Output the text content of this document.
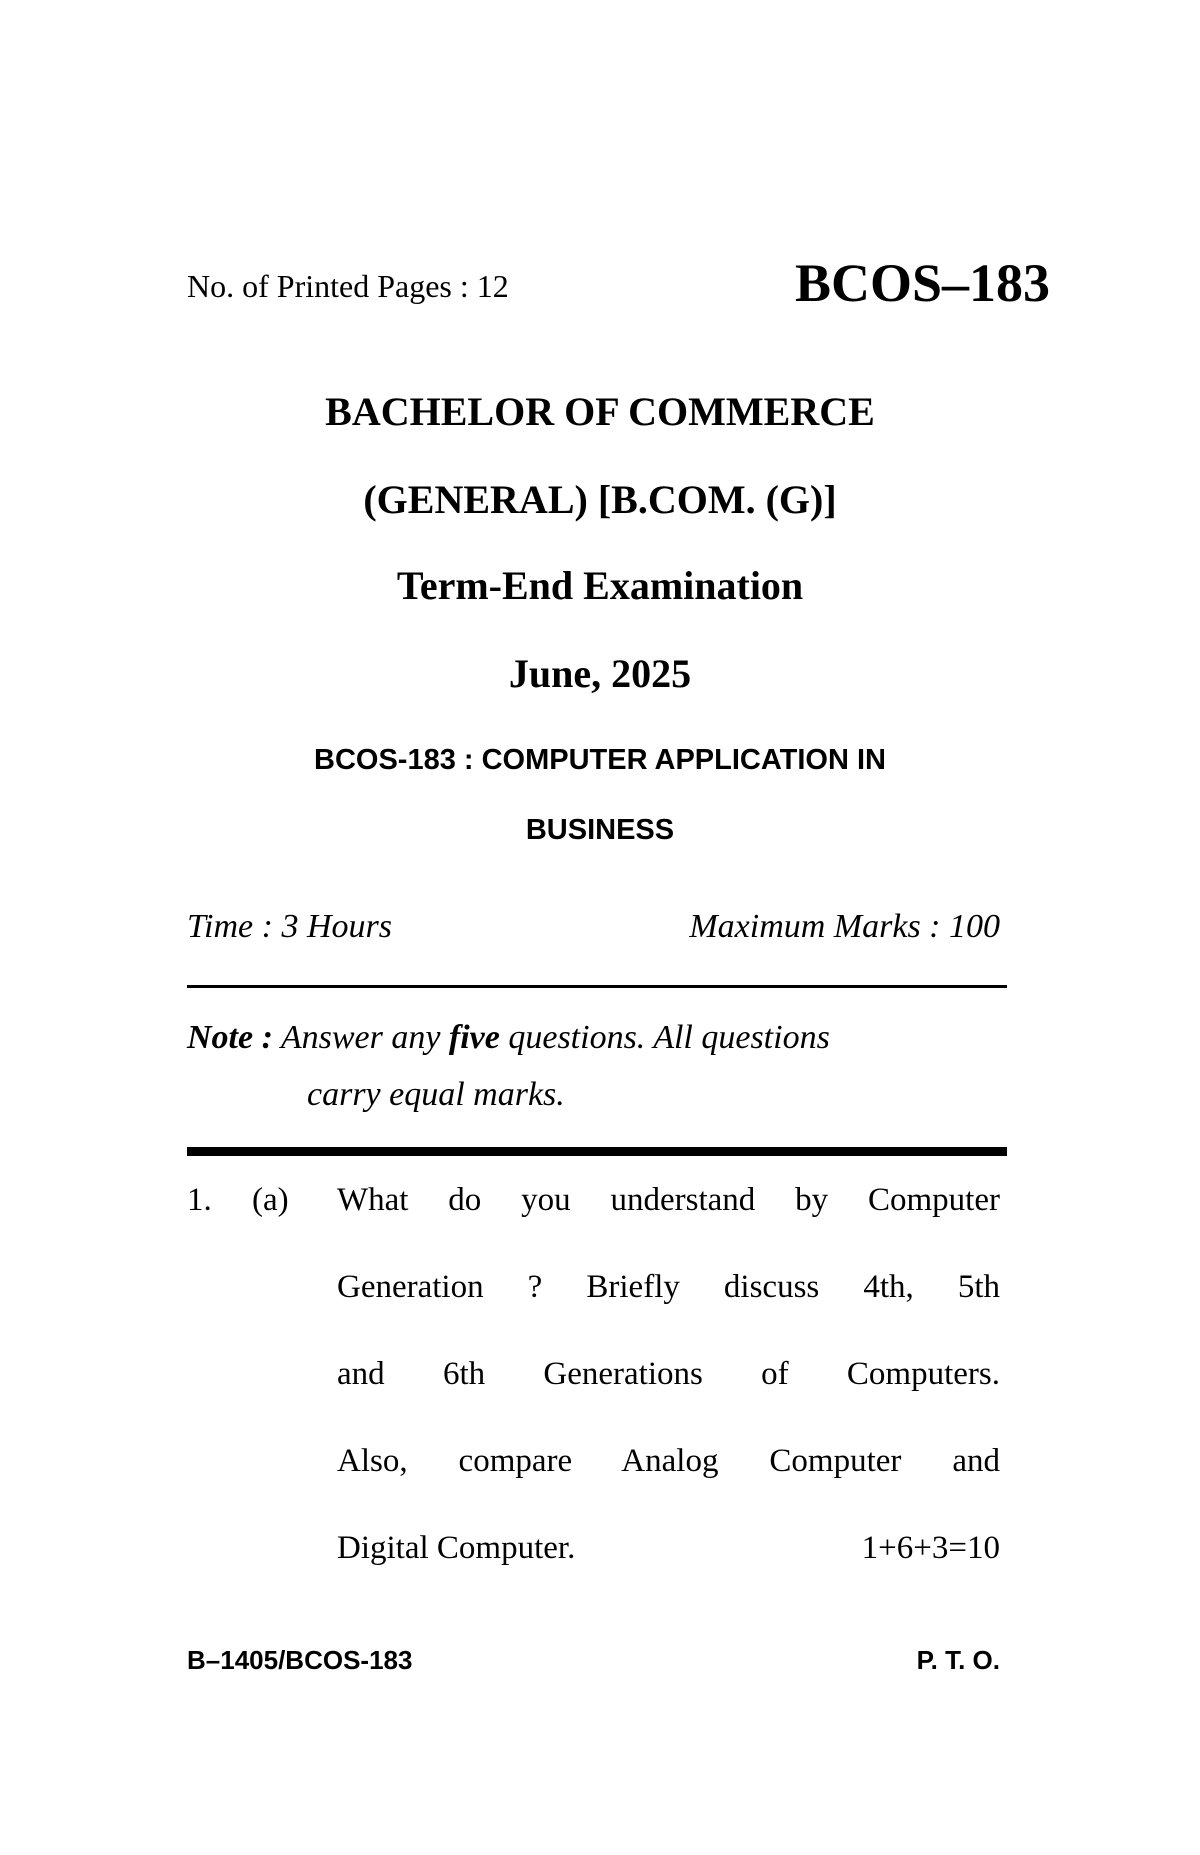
No. of Printed Pages : 12	BCOS–183
BACHELOR OF COMMERCE
(GENERAL) [B.COM. (G)]
Term-End Examination
June, 2025
BCOS-183 : COMPUTER APPLICATION IN
BUSINESS
Time : 3 Hours	Maximum Marks : 100
Note : Answer any five questions. All questions
carry equal marks.
1. (a) What do you understand by Computer
Generation ? Briefly discuss 4th, 5th
and 6th Generations of Computers.
Also, compare Analog Computer and
Digital Computer.	1+6+3=10
B–1405/BCOS-183	P. T. O.
